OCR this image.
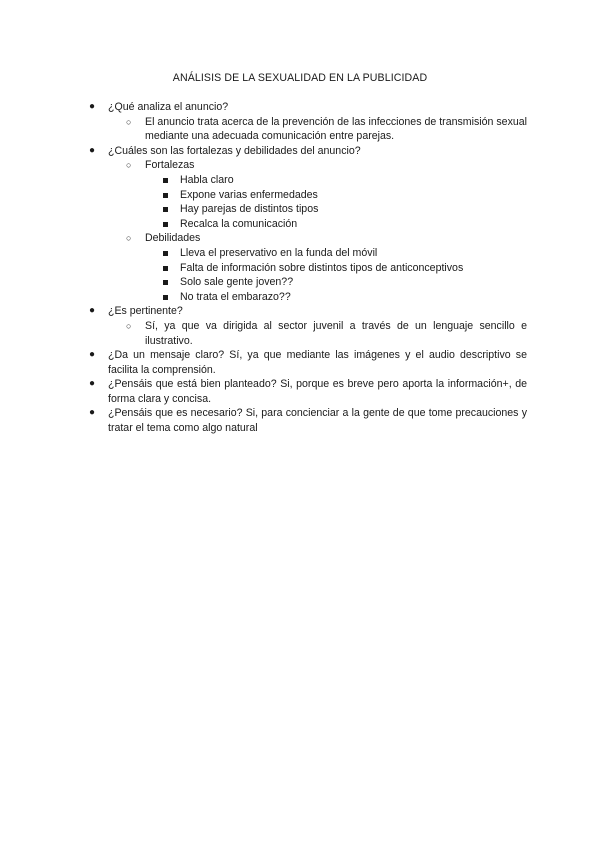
ANÁLISIS DE LA SEXUALIDAD EN LA PUBLICIDAD
●	¿Qué analiza el anuncio?
○ El anuncio trata acerca de la prevención de las infecciones de transmisión sexual mediante una adecuada comunicación entre parejas.
●	¿Cuáles son las fortalezas y debilidades del anuncio?
○ Fortalezas
Habla claro
Expone varias enfermedades
Hay parejas de distintos tipos
Recalca la comunicación
○ Debilidades
Lleva el preservativo en la funda del móvil
Falta de información sobre distintos tipos de anticonceptivos
Solo sale gente joven??
No trata el embarazo??
●	¿Es pertinente?
○ Sí, ya que va dirigida al sector juvenil a través de un lenguaje sencillo e ilustrativo.
●	¿Da un mensaje claro? Sí, ya que mediante las imágenes y el audio descriptivo se facilita la comprensión.
●	¿Pensáis que está bien planteado? Si, porque es breve pero aporta la información+, de forma clara y concisa.
●	¿Pensáis que es necesario? Si, para concienciar a la gente de que tome precauciones y tratar el tema como algo natural
